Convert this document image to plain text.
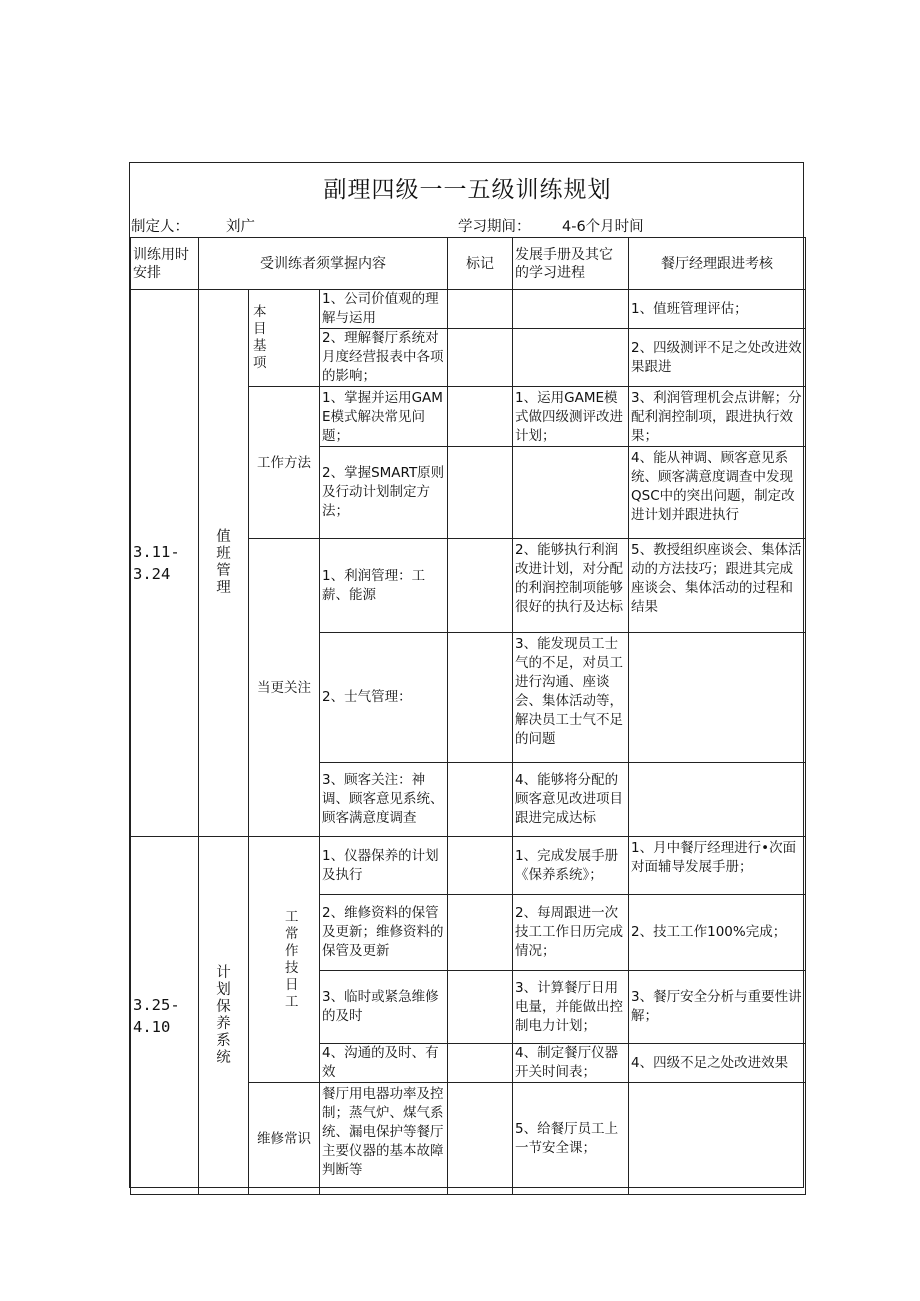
副理四级一一五级训练规划
制定人：	刘广	学习期间： 4-6个月时间
训练用时安排	受训练者须掌握内容			标记	发展手册及其它的学习进程	餐厅经理跟进考核
3.11-3.24	值班管理	本目基项	1、公司价值观的理解与运用			1、值班管理评估；
			2、理解餐厅系统对月度经营报表中各项的影响；			2、四级测评不足之处改进效果跟进
		工作方法	1、掌握并运用GAME模式解决常见问题；		1、运用GAME模式做四级测评改进计划；	3、利润管理机会点讲解；分配利润控制项，跟进执行效果；
			2、掌握SMART原则及行动计划制定方法；			4、能从神调、顾客意见系统、顾客满意度调查中发现QSC中的突出问题，制定改进计划并跟进执行
		当更关注	1、利润管理：工薪、能源		2、能够执行利润改进计划，对分配的利润控制项能够很好的执行及达标	5、教授组织座谈会、集体活动的方法技巧；跟进其完成座谈会、集体活动的过程和结果
			2、士气管理：		3、能发现员工士气的不足，对员工进行沟通、座谈会、集体活动等，解决员工士气不足的问题	
			3、顾客关注：神调、顾客意见系统、顾客满意度调查		4、能够将分配的顾客意见改进项目跟进完成达标	
3.25-4.10	计划保养系统	工常作技日工	1、仪器保养的计划及执行		1、完成发展手册《保养系统》；	1、月中餐厅经理进行•次面对面辅导发展手册；
			2、维修资料的保管及更新；维修资料的保管及更新		2、每周跟进一次技工工作日历完成情况；	2、技工工作100%完成；
			3、临时或紧急维修的及时		3、计算餐厅日用电量，并能做出控制电力计划；	3、餐厅安全分析与重要性讲解；
			4、沟通的及时、有效		4、制定餐厅仪器开关时间表；	4、四级不足之处改进效果
		维修常识	餐厅用电器功率及控制；蒸气炉、煤气系统、漏电保护等餐厅主要仪器的基本故障判断等		5、给餐厅员工上一节安全课；	
